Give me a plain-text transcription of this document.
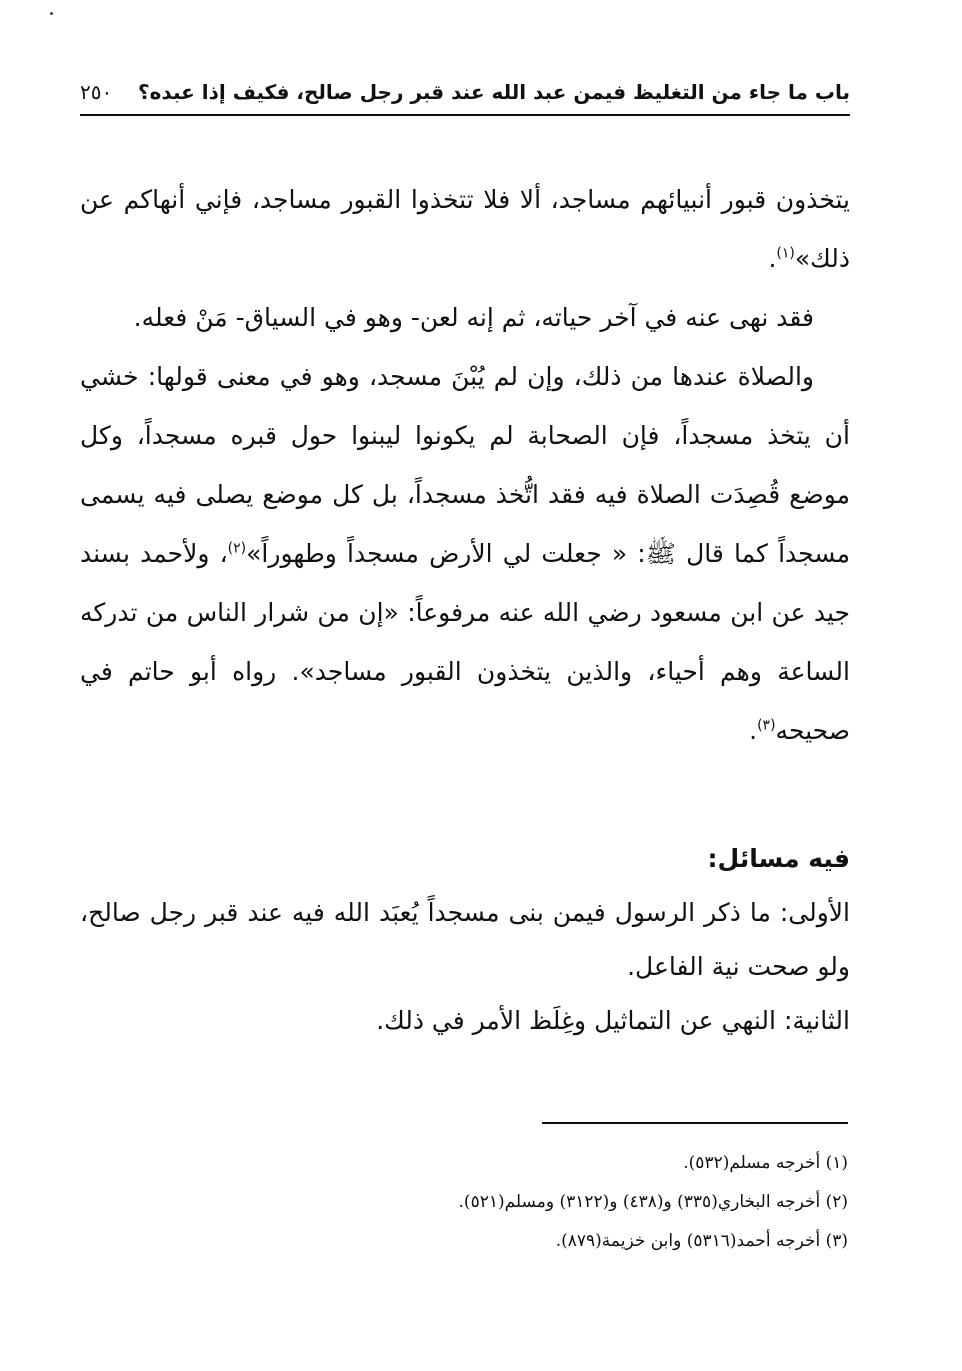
باب ما جاء من التغليظ فيمن عبد الله عند قبر رجل صالح، فكيف إذا عبده؟
٢٥٠

يتخذون قبور أنبيائهم مساجد، ألا فلا تتخذوا القبور مساجد، فإني أنهاكم عن ذلك»$^{(١)}$.

فقد نهى عنه في آخر حياته، ثم إنه لعن- وهو في السياق- مَنْ فعله.

والصلاة عندها من ذلك، وإن لم يُبْنَ مسجد، وهو في معنى قولها: خشي أن يتخذ مسجداً، فإن الصحابة لم يكونوا ليبنوا حول قبره مسجداً، وكل موضع قُصِدَت الصلاة فيه فقد اتُّخذ مسجداً، بل كل موضع يصلى فيه يسمى مسجداً كما قال ﷺ: « جعلت لي الأرض مسجداً وطهوراً»$^{(٢)}$، ولأحمد بسند جيد عن ابن مسعود رضي الله عنه مرفوعاً: «إن من شرار الناس من تدركه الساعة وهم أحياء، والذين يتخذون القبور مساجد». رواه أبو حاتم في صحيحه$^{(٣)}$.

فيه مسائل:

الأولى: ما ذكر الرسول فيمن بنى مسجداً يُعبَد الله فيه عند قبر رجل صالح، ولو صحت نية الفاعل.

الثانية: النهي عن التماثيل وغِلَظ الأمر في ذلك.

(١) أخرجه مسلم(٥٣٢).

(٢) أخرجه البخاري(٣٣٥) و(٤٣٨) و(٣١٢٢) ومسلم(٥٢١).

(٣) أخرجه أحمد(٥٣١٦) وابن خزيمة(٨٧٩).
